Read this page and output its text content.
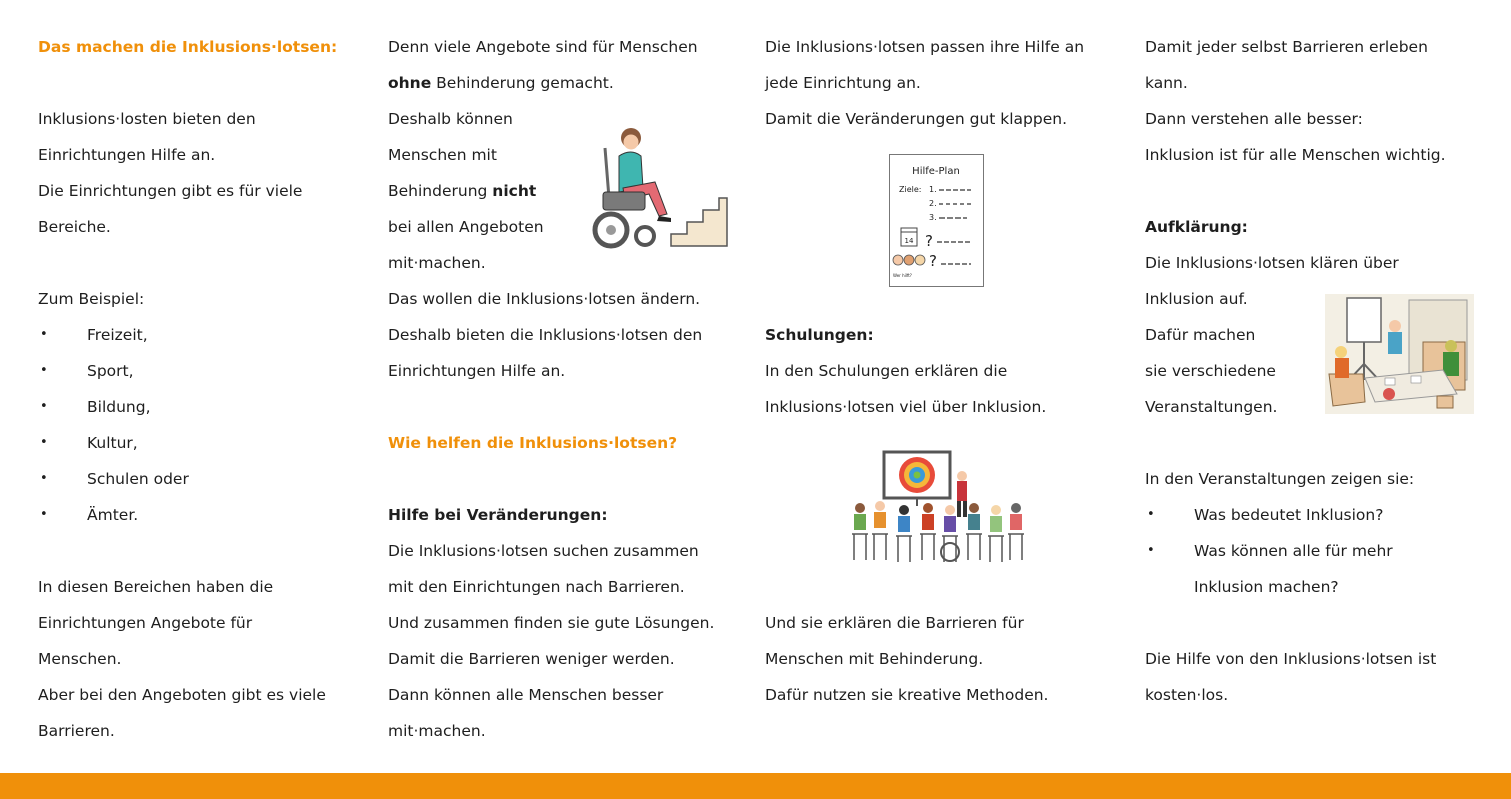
Das machen die Inklusions·lotsen:
Inklusions·losten bieten den
Einrichtungen Hilfe an.
Die Einrichtungen gibt es für viele
Bereiche.
Zum Beispiel:
•	Freizeit,
•	Sport,
•	Bildung,
•	Kultur,
•	Schulen oder
•	Ämter.
In diesen Bereichen haben die
Einrichtungen Angebote für
Menschen.
Aber bei den Angeboten gibt es viele
Barrieren.
Denn viele Angebote sind für Menschen
ohne Behinderung gemacht.
Deshalb können
Menschen mit
Behinderung nicht
bei allen Angeboten
mit·machen.
Das wollen die Inklusions·lotsen ändern.
Deshalb bieten die Inklusions·lotsen den
Einrichtungen Hilfe an.
Wie helfen die Inklusions·lotsen?
Hilfe bei Veränderungen:
Die Inklusions·lotsen suchen zusammen
mit den Einrichtungen nach Barrieren.
Und zusammen finden sie gute Lösungen.
Damit die Barrieren weniger werden.
Dann können alle Menschen besser
mit·machen.
Die Inklusions·lotsen passen ihre Hilfe an
jede Einrichtung an.
Damit die Veränderungen gut klappen.
Hilfe-Plan
Ziele: 1.
2.
3.
14 ?
?
Wer hilft?
Schulungen:
In den Schulungen erklären die
Inklusions·lotsen viel über Inklusion.
Und sie erklären die Barrieren für
Menschen mit Behinderung.
Dafür nutzen sie kreative Methoden.
Damit jeder selbst Barrieren erleben
kann.
Dann verstehen alle besser:
Inklusion ist für alle Menschen wichtig.
Aufklärung:
Die Inklusions·lotsen klären über
Inklusion auf.
Dafür machen
sie verschiedene
Veranstaltungen.
In den Veranstaltungen zeigen sie:
•	Was bedeutet Inklusion?
•	Was können alle für mehr
Inklusion machen?
Die Hilfe von den Inklusions·lotsen ist
kosten·los.
